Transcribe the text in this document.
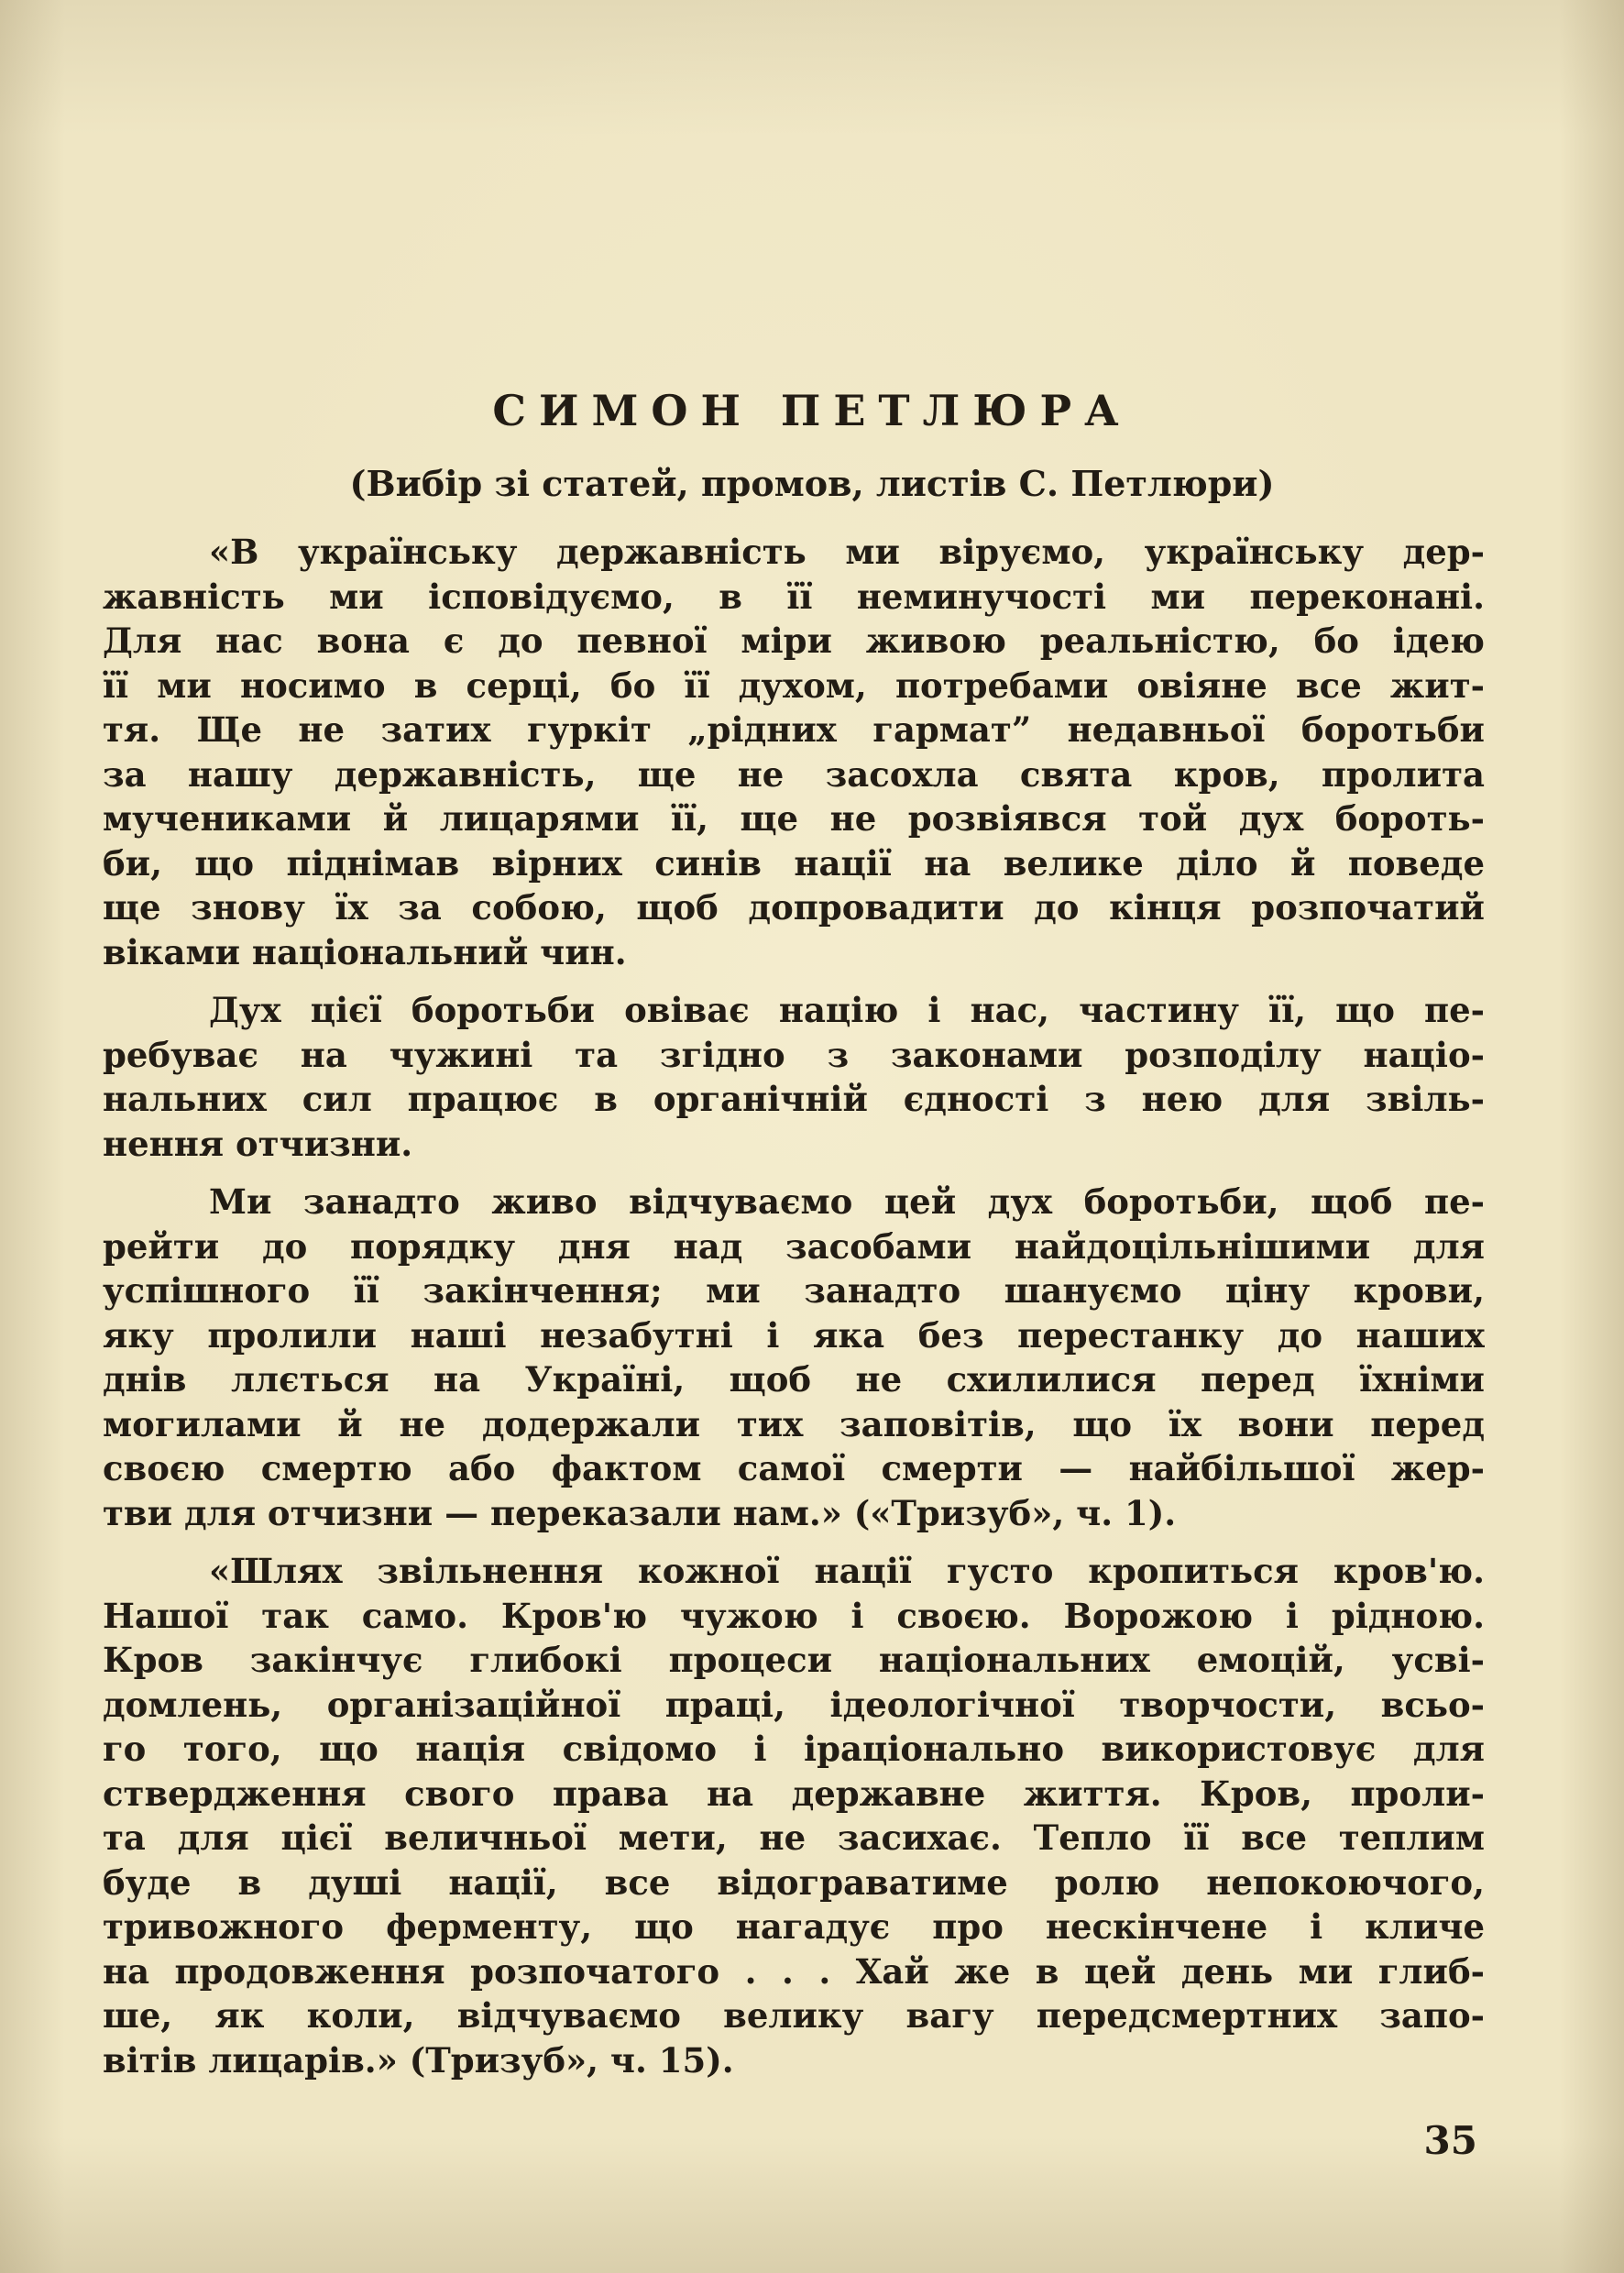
СИМОН ПЕТЛЮРА
(Вибір зі статей, промов, листів С. Петлюри)
«В українську державність ми віруємо, українську дер-
жавність ми ісповідуємо, в її неминучості ми переконані.
Для нас вона є до певної міри живою реальністю, бо ідею
її ми носимо в серці, бо її духом, потребами овіяне все жит-
тя. Ще не затих гуркіт „рідних гармат” недавньої боротьби
за нашу державність, ще не засохла свята кров, пролита
мучениками й лицарями її, ще не розвіявся той дух бороть-
би, що піднімав вірних синів нації на велике діло й поведе
ще знову їх за собою, щоб допровадити до кінця розпочатий
віками національний чин.
Дух цієї боротьби овіває націю і нас, частину її, що пе-
ребуває на чужині та згідно з законами розподілу націо-
нальних сил працює в органічній єдності з нею для звіль-
нення отчизни.
Ми занадто живо відчуваємо цей дух боротьби, щоб пе-
рейти до порядку дня над засобами найдоцільнішими для
успішного її закінчення; ми занадто шануємо ціну крови,
яку пролили наші незабутні і яка без перестанку до наших
днів ллється на Україні, щоб не схилилися перед їхніми
могилами й не додержали тих заповітів, що їх вони перед
своєю смертю або фактом самої смерти — найбільшої жер-
тви для отчизни — переказали нам.» («Тризуб», ч. 1).
«Шлях звільнення кожної нації густо кропиться кров'ю.
Нашої так само. Кров'ю чужою і своєю. Ворожою і рідною.
Кров закінчує глибокі процеси національних емоцій, усві-
домлень, організаційної праці, ідеологічної творчости, всьо-
го того, що нація свідомо і іраціонально використовує для
ствердження свого права на державне життя. Кров, проли-
та для цієї величньої мети, не засихає. Тепло її все теплим
буде в душі нації, все відограватиме ролю непокоючого,
тривожного ферменту, що нагадує про нескінчене і кличе
на продовження розпочатого . . . Хай же в цей день ми глиб-
ше, як коли, відчуваємо велику вагу передсмертних запо-
вітів лицарів.» (Тризуб», ч. 15).
35
